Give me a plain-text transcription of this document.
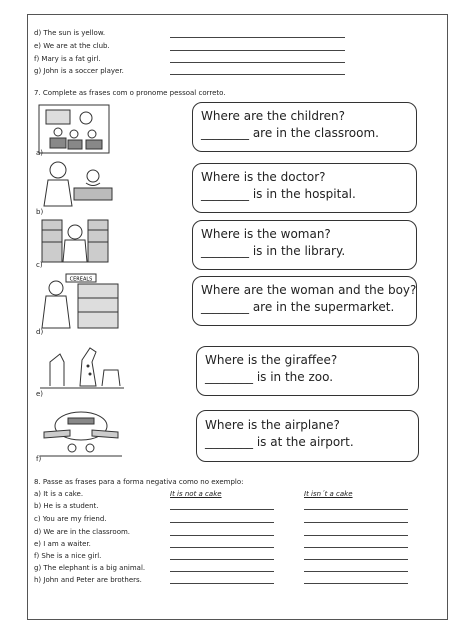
d) The sun is yellow.
e) We are at the club.
f) Mary is a fat girl.
g) John is a soccer player.
7. Complete as frases com o pronome pessoal correto.
a)
Where are the children?
________ are in the classroom.
b)
Where is the doctor?
________ is in the hospital.
c)
Where is the woman?
________ is in the library.
CEREALS
d)
Where are the woman and the boy?
________ are in the supermarket.
e)
Where is the giraffee?
________ is in the zoo.
f)
Where is the airplane?
________ is at the airport.
8. Passe as frases para a forma negativa como no exemplo:
a) It is a cake.	It is not a cake	It isn´t a cake
b) He is a student.
c) You are my friend.
d) We are in the classroom.
e) I am a waiter.
f) She is a nice girl.
g) The elephant is a big animal.
h) John and Peter are brothers.
